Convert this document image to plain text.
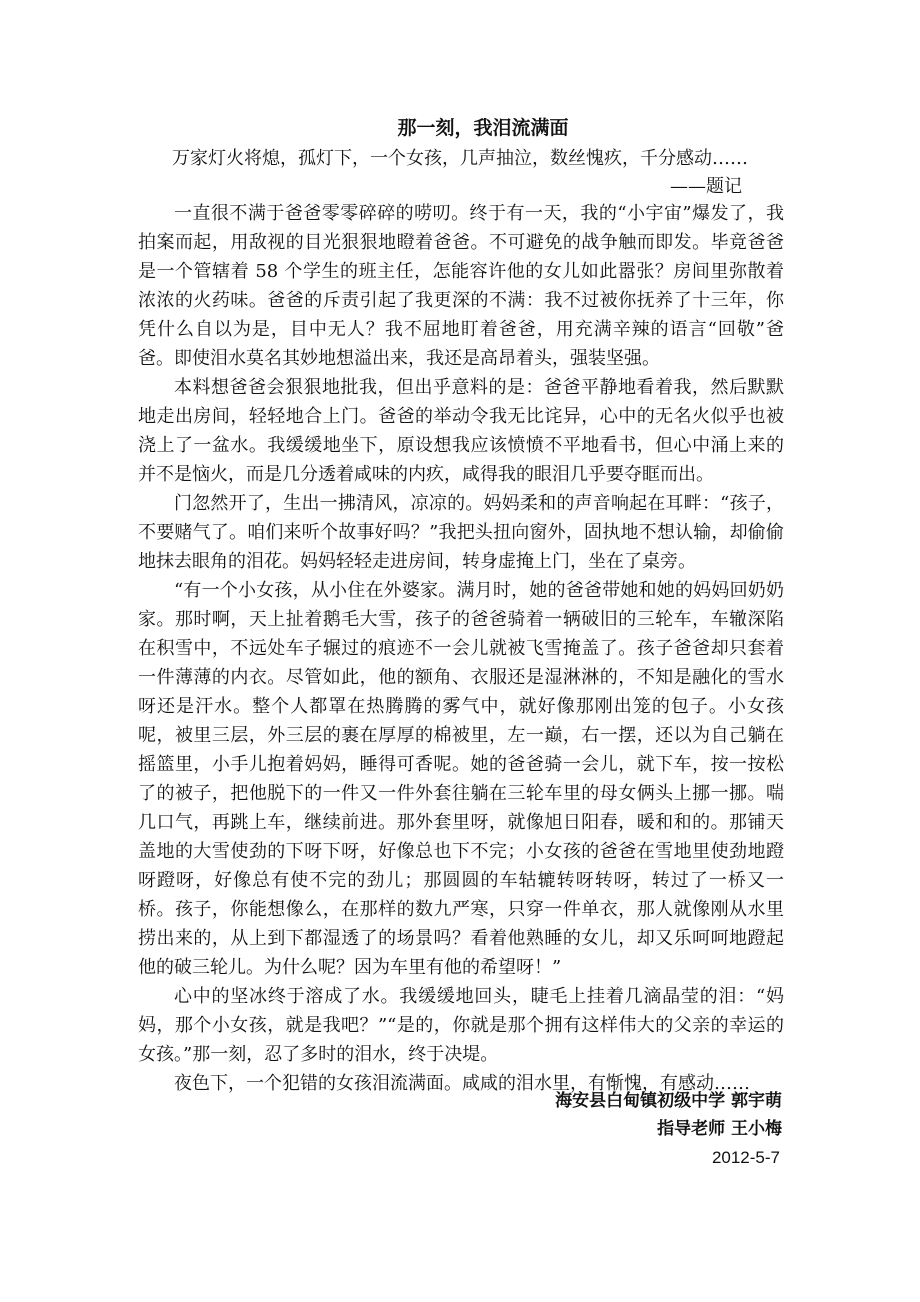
那一刻，我泪流满面
万家灯火将熄，孤灯下，一个女孩，几声抽泣，数丝愧疚，千分感动……
——题记

一直很不满于爸爸零零碎碎的唠叨。终于有一天，我的“小宇宙”爆发了，我拍案而起，用敌视的目光狠狠地瞪着爸爸。不可避免的战争触而即发。毕竟爸爸是一个管辖着 58 个学生的班主任，怎能容许他的女儿如此嚣张？房间里弥散着浓浓的火药味。爸爸的斥责引起了我更深的不满：我不过被你抚养了十三年，你凭什么自以为是，目中无人？我不屈地盯着爸爸，用充满辛辣的语言“回敬”爸爸。即使泪水莫名其妙地想溢出来，我还是高昂着头，强装坚强。

本料想爸爸会狠狠地批我，但出乎意料的是：爸爸平静地看着我，然后默默地走出房间，轻轻地合上门。爸爸的举动令我无比诧异，心中的无名火似乎也被浇上了一盆水。我缓缓地坐下，原设想我应该愤愤不平地看书，但心中涌上来的并不是恼火，而是几分透着咸味的内疚，咸得我的眼泪几乎要夺眶而出。

门忽然开了，生出一拂清风，凉凉的。妈妈柔和的声音响起在耳畔：“孩子，不要赌气了。咱们来听个故事好吗？”我把头扭向窗外，固执地不想认输，却偷偷地抹去眼角的泪花。妈妈轻轻走进房间，转身虚掩上门，坐在了桌旁。

“有一个小女孩，从小住在外婆家。满月时，她的爸爸带她和她的妈妈回奶奶家。那时啊，天上扯着鹅毛大雪，孩子的爸爸骑着一辆破旧的三轮车，车辙深陷在积雪中，不远处车子辗过的痕迹不一会儿就被飞雪掩盖了。孩子爸爸却只套着一件薄薄的内衣。尽管如此，他的额角、衣服还是湿淋淋的，不知是融化的雪水呀还是汗水。整个人都罩在热腾腾的雾气中，就好像那刚出笼的包子。小女孩呢，被里三层，外三层的裹在厚厚的棉被里，左一巅，右一摆，还以为自己躺在摇篮里，小手儿抱着妈妈，睡得可香呢。她的爸爸骑一会儿，就下车，按一按松了的被子，把他脱下的一件又一件外套往躺在三轮车里的母女俩头上挪一挪。喘几口气，再跳上车，继续前进。那外套里呀，就像旭日阳春，暖和和的。那铺天盖地的大雪使劲的下呀下呀，好像总也下不完；小女孩的爸爸在雪地里使劲地蹬呀蹬呀，好像总有使不完的劲儿；那圆圆的车轱辘转呀转呀，转过了一桥又一桥。孩子，你能想像么，在那样的数九严寒，只穿一件单衣，那人就像刚从水里捞出来的，从上到下都湿透了的场景吗？看着他熟睡的女儿，却又乐呵呵地蹬起他的破三轮儿。为什么呢？因为车里有他的希望呀！”

心中的坚冰终于溶成了水。我缓缓地回头，睫毛上挂着几滴晶莹的泪：“妈妈，那个小女孩，就是我吧？”“是的，你就是那个拥有这样伟大的父亲的幸运的女孩。”那一刻，忍了多时的泪水，终于决堤。

夜色下，一个犯错的女孩泪流满面。咸咸的泪水里，有惭愧，有感动……

海安县白甸镇初级中学 郭宇萌
指导老师 王小梅
2012-5-7
